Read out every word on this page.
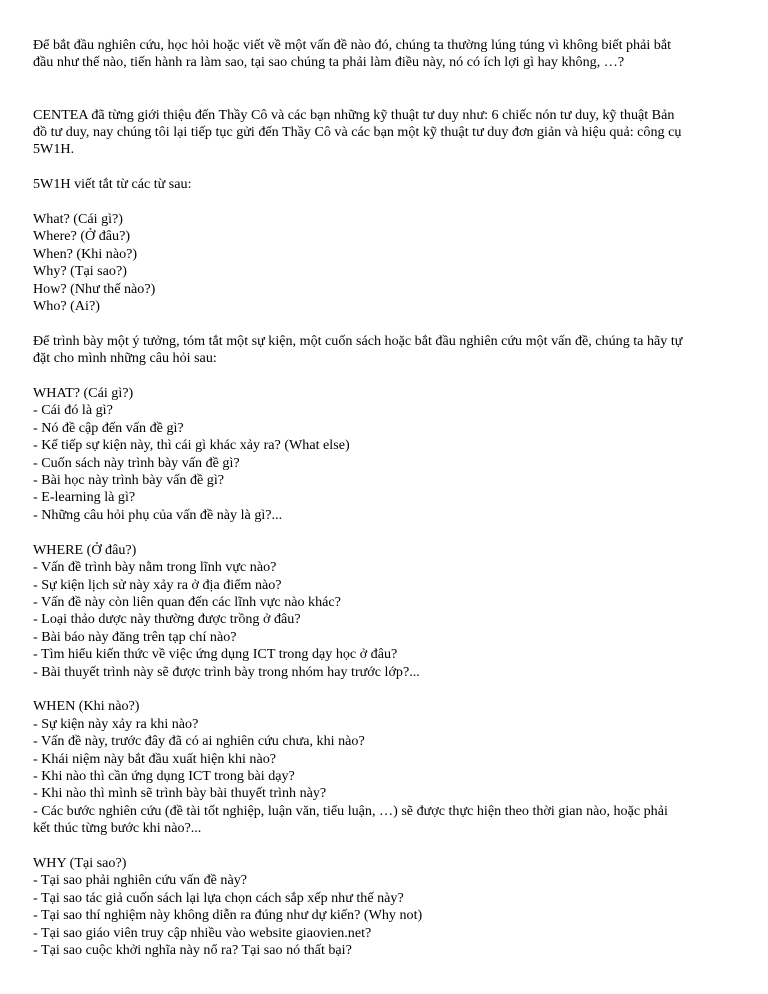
Để bắt đầu nghiên cứu, học hỏi hoặc viết về một vấn đề nào đó, chúng ta thường lúng túng vì không biết phải bắt
đầu như thế nào, tiến hành ra làm sao, tại sao chúng ta phải làm điều này, nó có ích lợi gì hay không, …?

CENTEA đã từng giới thiệu đến Thầy Cô và các bạn những kỹ thuật tư duy như: 6 chiếc nón tư duy, kỹ thuật Bản
đồ tư duy, nay chúng tôi lại tiếp tục gửi đến Thầy Cô và các bạn một kỹ thuật tư duy đơn giản và hiệu quả: công cụ
5W1H.

5W1H viết tắt từ các từ sau:

What? (Cái gì?)
Where? (Ở đâu?)
When? (Khi nào?)
Why? (Tại sao?)
How? (Như thế nào?)
Who? (Ai?)

Để trình bày một ý tưởng, tóm tắt một sự kiện, một cuốn sách hoặc bắt đầu nghiên cứu một vấn đề, chúng ta hãy tự
đặt cho mình những câu hỏi sau:

WHAT? (Cái gì?)
- Cái đó là gì?
- Nó đề cập đến vấn đề gì?
- Kế tiếp sự kiện này, thì cái gì khác xảy ra? (What else)
- Cuốn sách này trình bày vấn đề gì?
- Bài học này trình bày vấn đề gì?
- E-learning là gì?
- Những câu hỏi phụ của vấn đề này là gì?...

WHERE (Ở đâu?)
- Vấn đề trình bày nằm trong lĩnh vực nào?
- Sự kiện lịch sử này xảy ra ở địa điểm nào?
- Vấn đề này còn liên quan đến các lĩnh vực nào khác?
- Loại thảo dược này thường được trồng ở đâu?
- Bài báo này đăng trên tạp chí nào?
- Tìm hiểu kiến thức về việc ứng dụng ICT trong dạy học ở đâu?
- Bài thuyết trình này sẽ được trình bày trong nhóm hay trước lớp?...

WHEN (Khi nào?)
- Sự kiện này xảy ra khi nào?
- Vấn đề này, trước đây đã có ai nghiên cứu chưa, khi nào?
- Khái niệm này bắt đầu xuất hiện khi nào?
- Khi nào thì cần ứng dụng ICT trong bài dạy?
- Khi nào thì mình sẽ trình bày bài thuyết trình này?
- Các bước nghiên cứu (đề tài tốt nghiệp, luận văn, tiểu luận, …) sẽ được thực hiện theo thời gian nào, hoặc phải
kết thúc từng bước khi nào?...

WHY (Tại sao?)
- Tại sao phải nghiên cứu vấn đề này?
- Tại sao tác giả cuốn sách lại lựa chọn cách sắp xếp như thế này?
- Tại sao thí nghiệm này không diễn ra đúng như dự kiến? (Why not)
- Tại sao giáo viên truy cập nhiều vào website giaovien.net?
- Tại sao cuộc khởi nghĩa này nổ ra? Tại sao nó thất bại?
